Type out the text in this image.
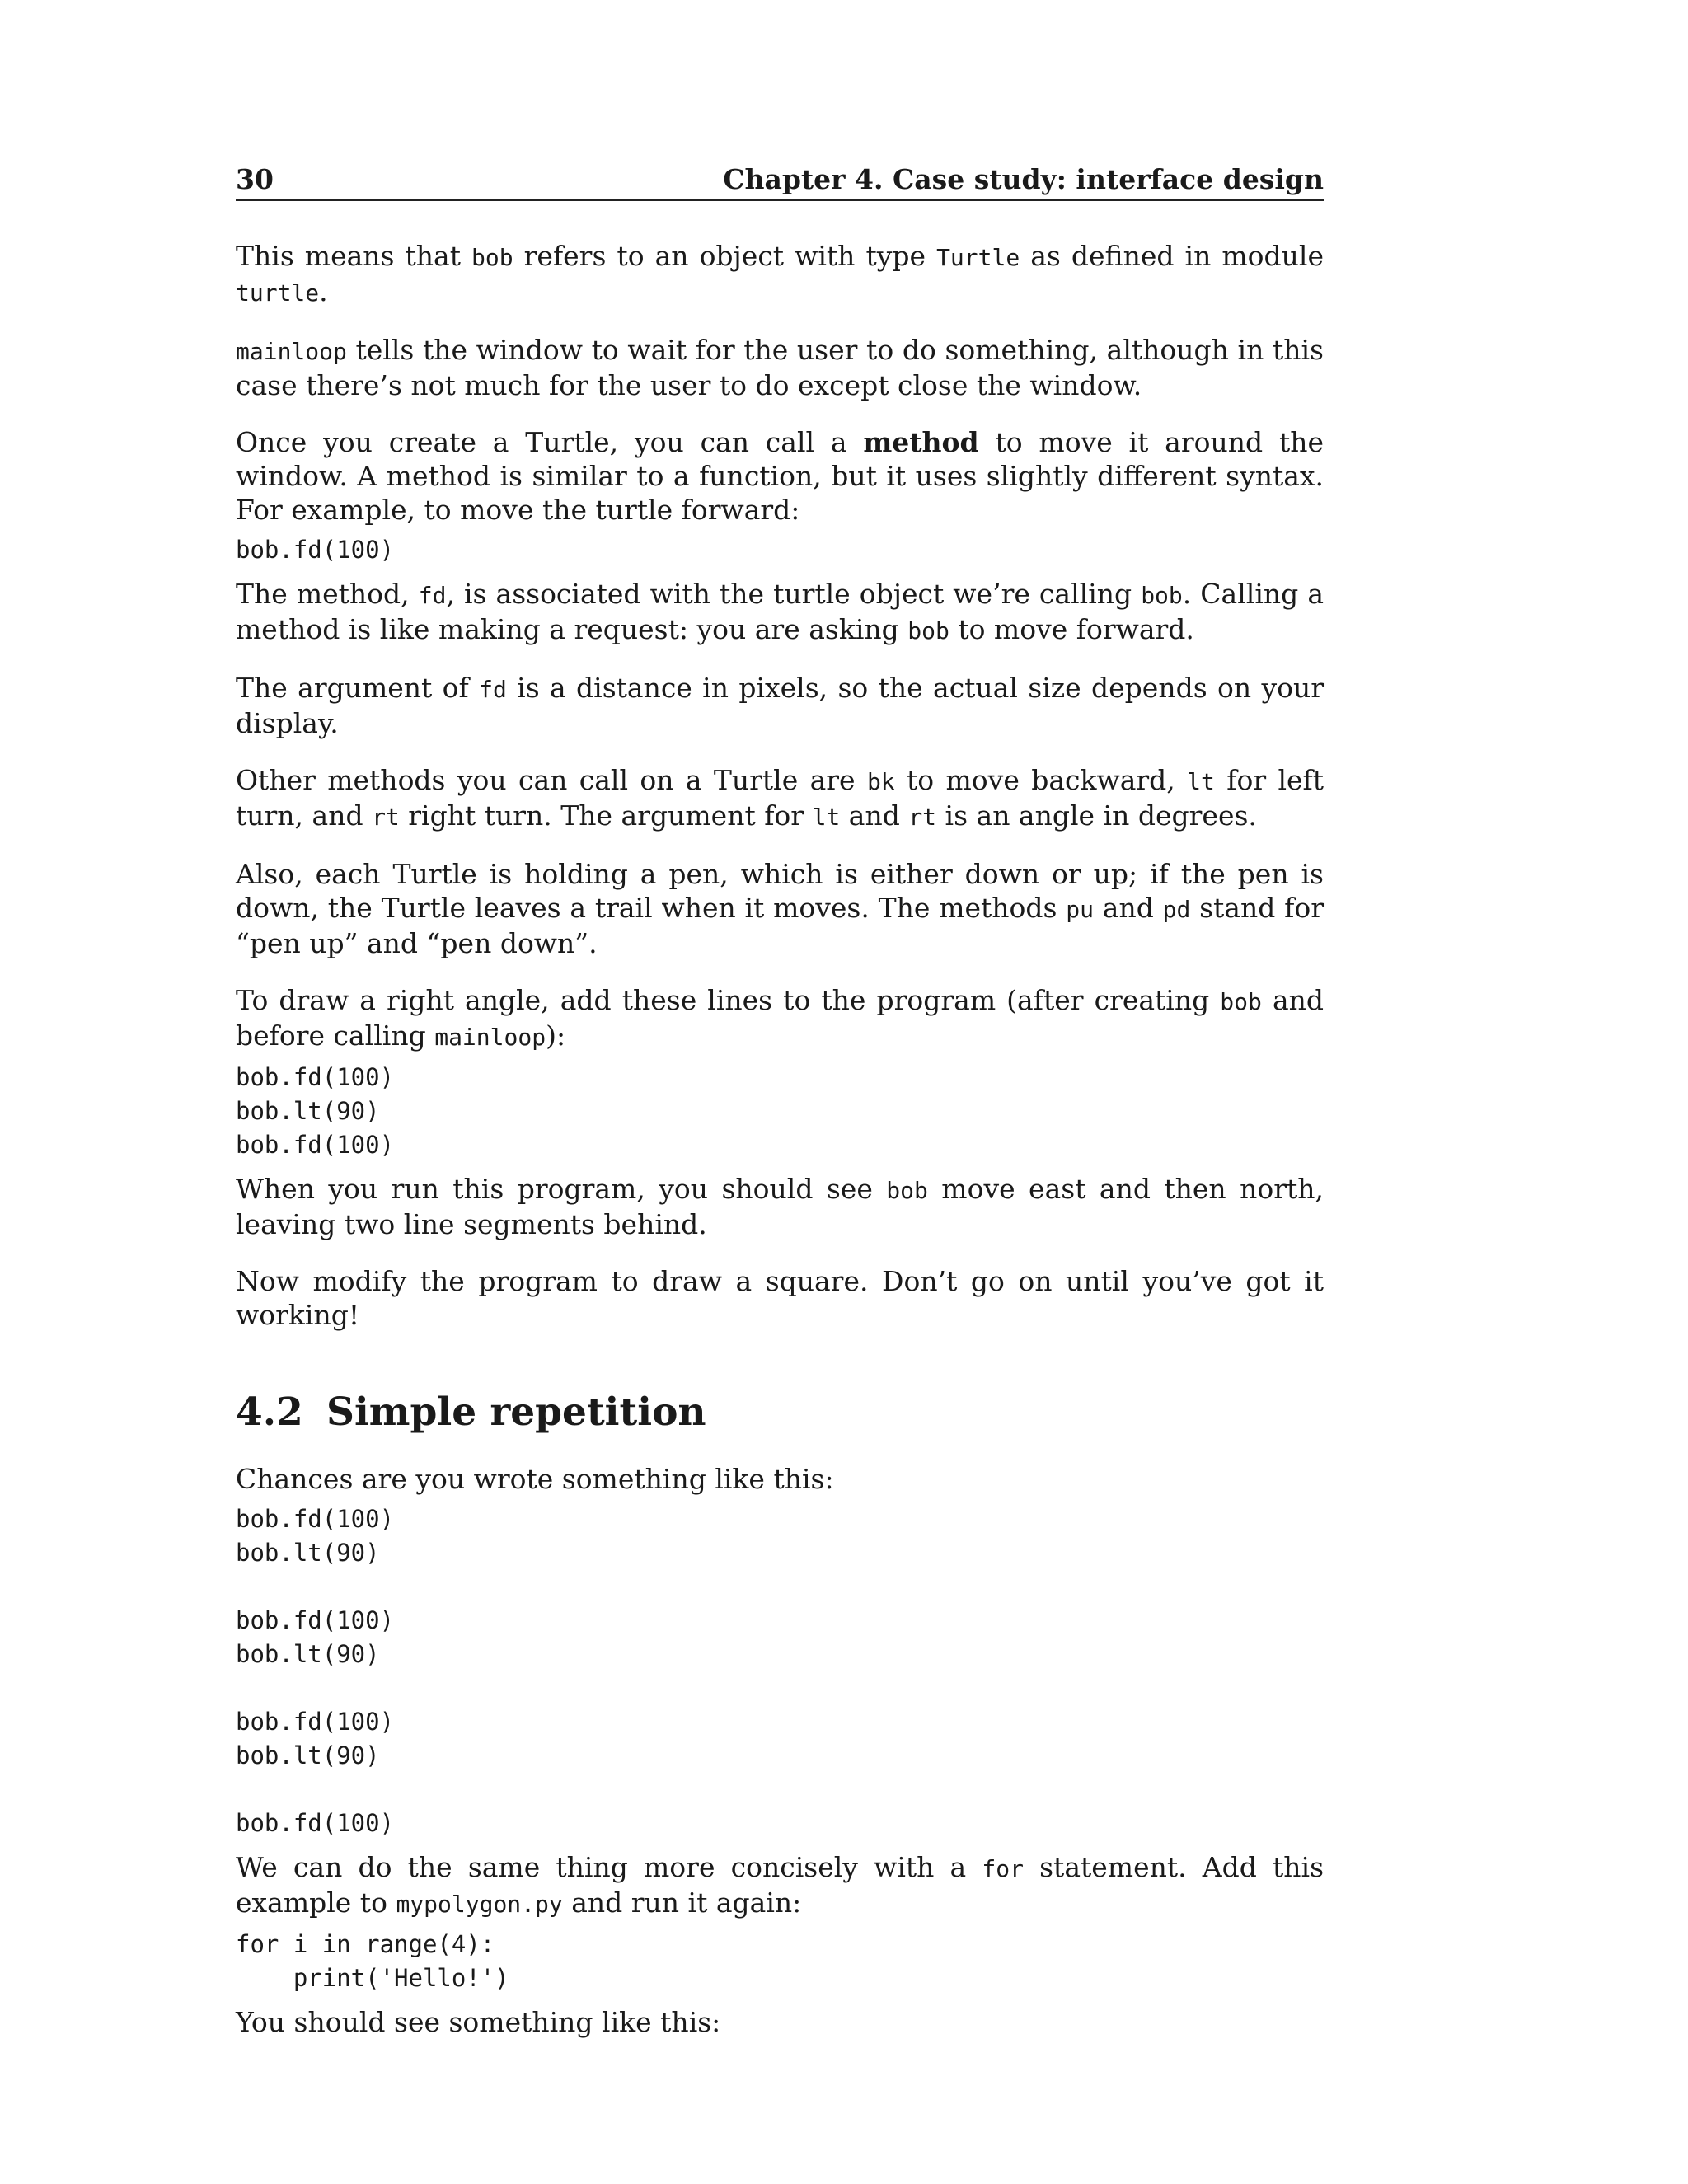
30	Chapter 4. Case study: interface design

This means that bob refers to an object with type Turtle as defined in module turtle.

mainloop tells the window to wait for the user to do something, although in this case there’s not much for the user to do except close the window.

Once you create a Turtle, you can call a method to move it around the window. A method is similar to a function, but it uses slightly different syntax. For example, to move the turtle forward:

bob.fd(100)

The method, fd, is associated with the turtle object we’re calling bob. Calling a method is like making a request: you are asking bob to move forward.

The argument of fd is a distance in pixels, so the actual size depends on your display.

Other methods you can call on a Turtle are bk to move backward, lt for left turn, and rt right turn. The argument for lt and rt is an angle in degrees.

Also, each Turtle is holding a pen, which is either down or up; if the pen is down, the Turtle leaves a trail when it moves. The methods pu and pd stand for “pen up” and “pen down”.

To draw a right angle, add these lines to the program (after creating bob and before calling mainloop):

bob.fd(100)
bob.lt(90)
bob.fd(100)

When you run this program, you should see bob move east and then north, leaving two line segments behind.

Now modify the program to draw a square. Don’t go on until you’ve got it working!

4.2 Simple repetition

Chances are you wrote something like this:

bob.fd(100)
bob.lt(90)

bob.fd(100)
bob.lt(90)

bob.fd(100)
bob.lt(90)

bob.fd(100)

We can do the same thing more concisely with a for statement. Add this example to mypolygon.py and run it again:

for i in range(4):
print('Hello!')

You should see something like this:
